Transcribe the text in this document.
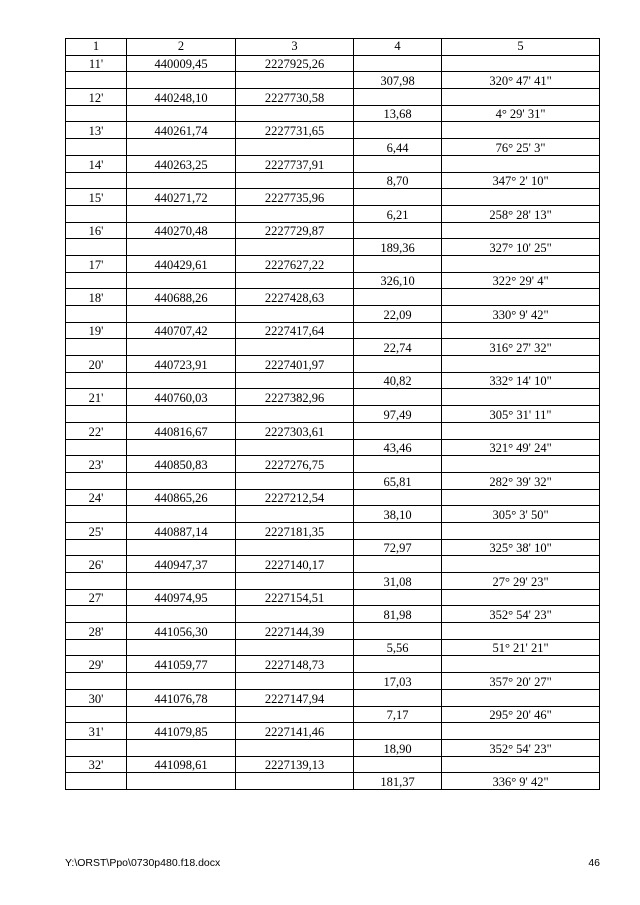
1	2	3	4	5
11'	440009,45	2227925,26		
			307,98	320° 47' 41"
12'	440248,10	2227730,58		
			13,68	4° 29' 31"
13'	440261,74	2227731,65		
			6,44	76° 25' 3"
14'	440263,25	2227737,91		
			8,70	347° 2' 10"
15'	440271,72	2227735,96		
			6,21	258° 28' 13"
16'	440270,48	2227729,87		
			189,36	327° 10' 25"
17'	440429,61	2227627,22		
			326,10	322° 29' 4"
18'	440688,26	2227428,63		
			22,09	330° 9' 42"
19'	440707,42	2227417,64		
			22,74	316° 27' 32"
20'	440723,91	2227401,97		
			40,82	332° 14' 10"
21'	440760,03	2227382,96		
			97,49	305° 31' 11"
22'	440816,67	2227303,61		
			43,46	321° 49' 24"
23'	440850,83	2227276,75		
			65,81	282° 39' 32"
24'	440865,26	2227212,54		
			38,10	305° 3' 50"
25'	440887,14	2227181,35		
			72,97	325° 38' 10"
26'	440947,37	2227140,17		
			31,08	27° 29' 23"
27'	440974,95	2227154,51		
			81,98	352° 54' 23"
28'	441056,30	2227144,39		
			5,56	51° 21' 21"
29'	441059,77	2227148,73		
			17,03	357° 20' 27"
30'	441076,78	2227147,94		
			7,17	295° 20' 46"
31'	441079,85	2227141,46		
			18,90	352° 54' 23"
32'	441098,61	2227139,13		
			181,37	336° 9' 42"
Y:\ORST\Ppo\0730p480.f18.docx	46
